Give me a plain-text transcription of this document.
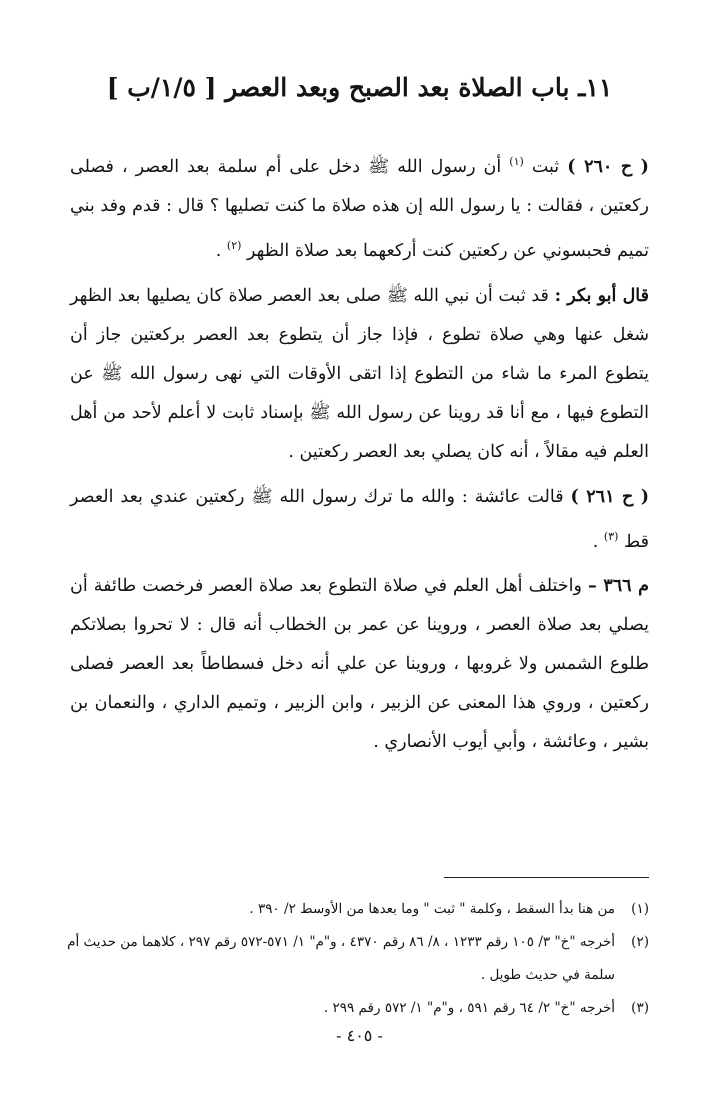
١١ـ باب الصلاة بعد الصبح وبعد العصر [ ١/٥/ب ]
( ح ٢٦٠ ) ثبت $^{(١)}$ أن رسول الله ﷺ دخل على أم سلمة بعد العصر ، فصلى ركعتين ، فقالت : يا رسول الله إن هذه صلاة ما كنت تصليها ؟ قال : قدم وفد بني تميم فحبسوني عن ركعتين كنت أركعهما بعد صلاة الظهر $^{(٢)}$ .
قال أبو بكر : قد ثبت أن نبي الله ﷺ صلى بعد العصر صلاة كان يصليها بعد الظهر شغل عنها وهي صلاة تطوع ، فإذا جاز أن يتطوع بعد العصر بركعتين جاز أن يتطوع المرء ما شاء من التطوع إذا اتقى الأوقات التي نهى رسول الله ﷺ عن التطوع فيها ، مع أنا قد روينا عن رسول الله ﷺ بإسناد ثابت لا أعلم لأحد من أهل العلم فيه مقالاً ، أنه كان يصلي بعد العصر ركعتين .
( ح ٢٦١ ) قالت عائشة : والله ما ترك رسول الله ﷺ ركعتين عندي بعد العصر قط $^{(٣)}$ .
م ٣٦٦ – واختلف أهل العلم في صلاة التطوع بعد صلاة العصر فرخصت طائفة أن يصلي بعد صلاة العصر ، وروينا عن عمر بن الخطاب أنه قال : لا تحروا بصلاتكم طلوع الشمس ولا غروبها ، وروينا عن علي أنه دخل فسطاطاً بعد العصر فصلى ركعتين ، وروي هذا المعنى عن الزبير ، وابن الزبير ، وتميم الداري ، والنعمان بن بشير ، وعائشة ، وأبي أيوب الأنصاري .
(١)
من هنا بدأ السقط ، وكلمة " ثبت " وما بعدها من الأوسط ٢/ ٣٩٠ .
(٢)
أخرجه "خ" ٣/ ١٠٥ رقم ١٢٣٣ ، ٨/ ٨٦ رقم ٤٣٧٠ ، و"م" ١/ ٥٧١-٥٧٢ رقم ٢٩٧ ، كلاهما من حديث أم سلمة في حديث طويل .
(٣)
أخرجه "خ" ٢/ ٦٤ رقم ٥٩١ ، و"م" ١/ ٥٧٢ رقم ٢٩٩ .
- ٤٠٥ -
